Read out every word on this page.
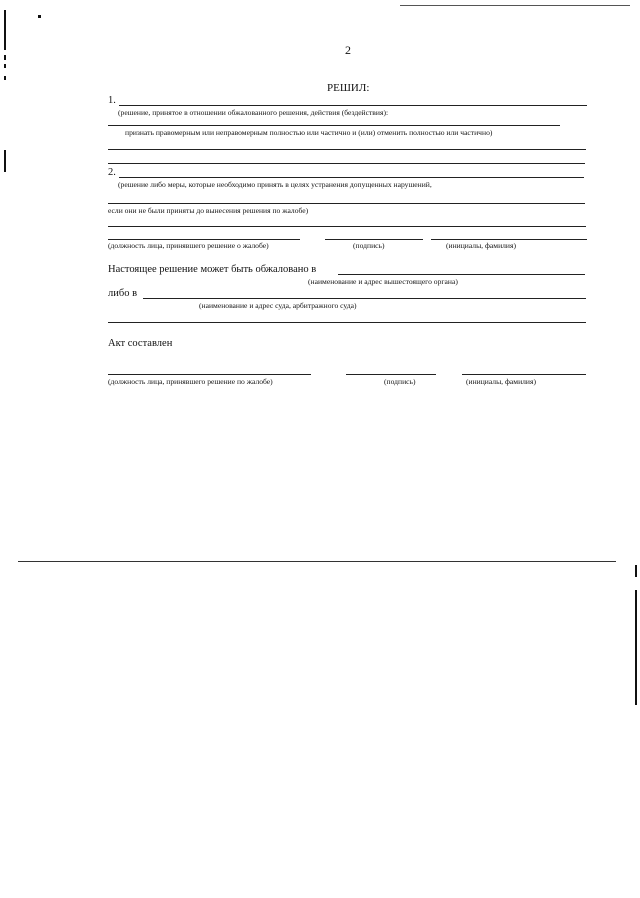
2
РЕШИЛ:
1.
(решение, принятое в отношении обжалованного решения, действия (бездействия):
признать правомерным или неправомерным полностью или частично и (или) отменить полностью или частично)
2.
(решение либо меры, которые необходимо принять в целях устранения допущенных нарушений,
если они не были приняты до вынесения решения по жалобе)
(должность лица, принявшего решение о жалобе)	(подпись)	(инициалы, фамилия)
Настоящее решение может быть обжаловано в
(наименование и адрес вышестоящего органа)
либо в
(наименование и адрес суда, арбитражного суда)
Акт составлен
(должность лица, принявшего решение по жалобе)	(подпись)	(инициалы, фамилия)
